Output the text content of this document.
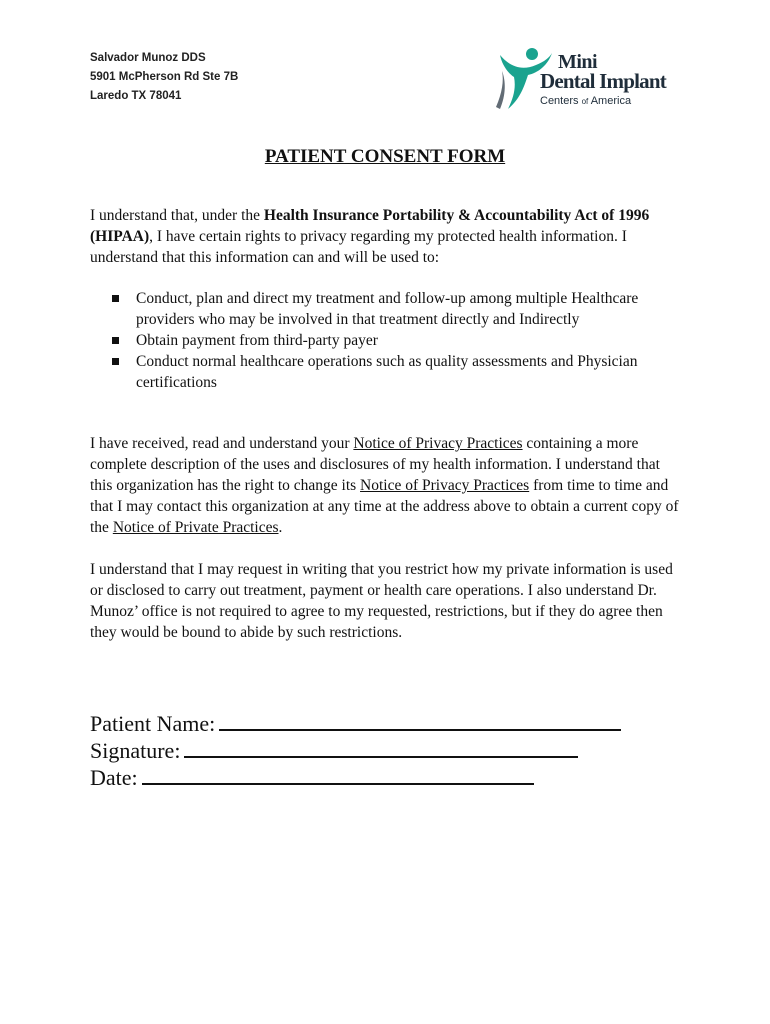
Salvador Munoz DDS
5901 McPherson Rd Ste 7B
Laredo TX 78041
Mini
Dental Implant
Centers of America
PATIENT CONSENT FORM
I understand that, under the Health Insurance Portability & Accountability Act of 1996 (HIPAA), I have certain rights to privacy regarding my protected health information. I understand that this information can and will be used to:
Conduct, plan and direct my treatment and follow-up among multiple Healthcare providers who may be involved in that treatment directly and Indirectly
Obtain payment from third-party payer
Conduct normal healthcare operations such as quality assessments and Physician certifications
I have received, read and understand your Notice of Privacy Practices containing a more complete description of the uses and disclosures of my health information. I understand that this organization has the right to change its Notice of Privacy Practices from time to time and that I may contact this organization at any time at the address above to obtain a current copy of the Notice of Private Practices.
I understand that I may request in writing that you restrict how my private information is used or disclosed to carry out treatment, payment or health care operations. I also understand Dr. Munoz’ office is not required to agree to my requested, restrictions, but if they do agree then they would be bound to abide by such restrictions.
Patient Name:
Signature:
Date:
